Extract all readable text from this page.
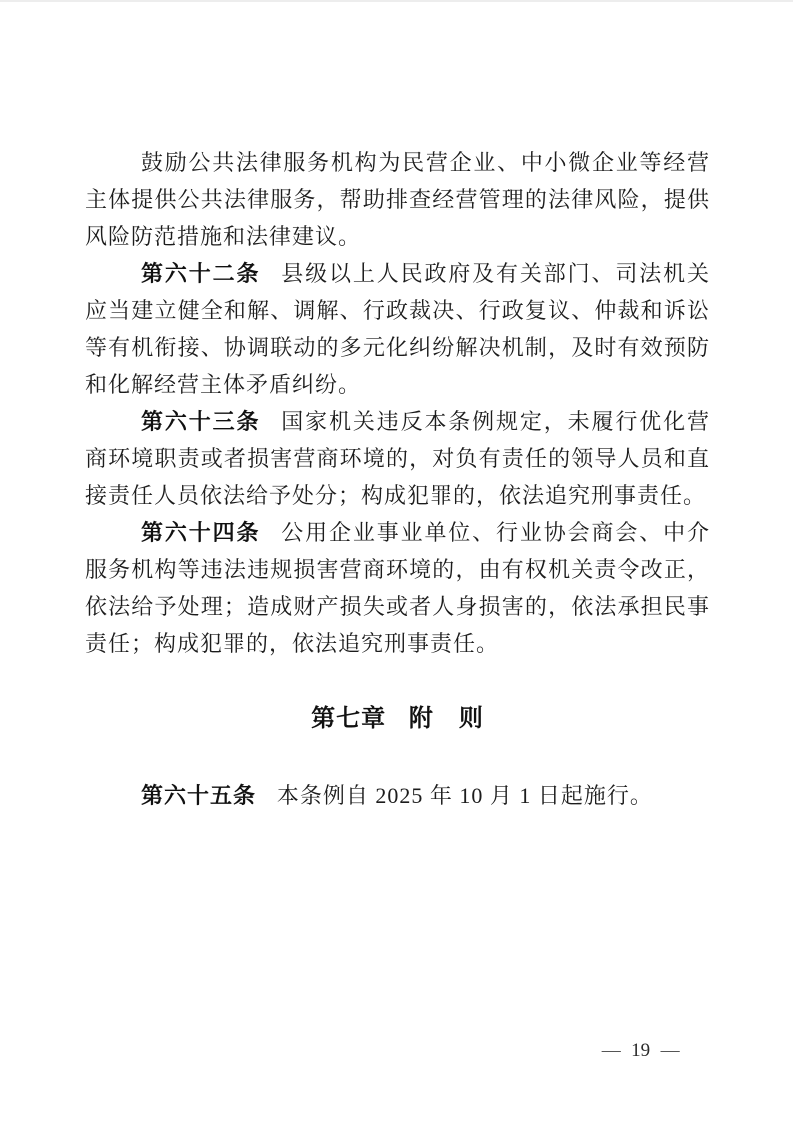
鼓励公共法律服务机构为民营企业、中小微企业等经营主体提供公共法律服务，帮助排查经营管理的法律风险，提供风险防范措施和法律建议。

第六十二条 县级以上人民政府及有关部门、司法机关应当建立健全和解、调解、行政裁决、行政复议、仲裁和诉讼等有机衔接、协调联动的多元化纠纷解决机制，及时有效预防和化解经营主体矛盾纠纷。

第六十三条 国家机关违反本条例规定，未履行优化营商环境职责或者损害营商环境的，对负有责任的领导人员和直接责任人员依法给予处分；构成犯罪的，依法追究刑事责任。

第六十四条 公用企业事业单位、行业协会商会、中介服务机构等违法违规损害营商环境的，由有权机关责令改正，依法给予处理；造成财产损失或者人身损害的，依法承担民事责任；构成犯罪的，依法追究刑事责任。

第七章 附　则

第六十五条 本条例自 2025 年 10 月 1 日起施行。

— 19 —
